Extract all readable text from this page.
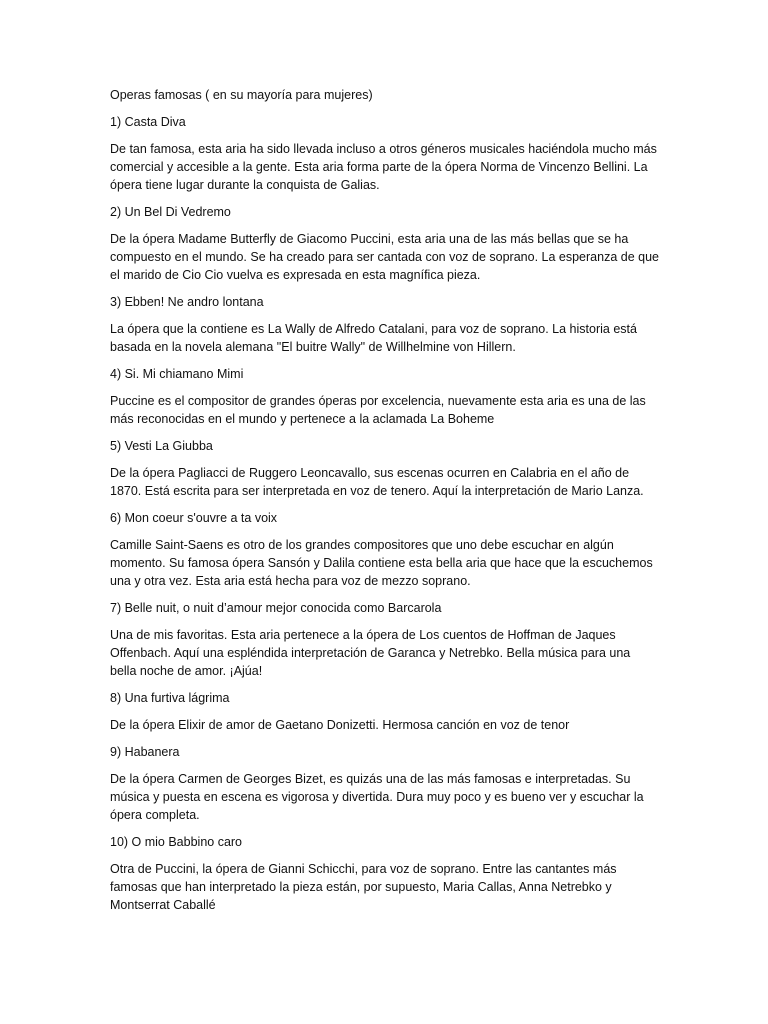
Operas famosas ( en su mayoría para mujeres)

1) Casta Diva

De tan famosa, esta aria ha sido llevada incluso a otros géneros musicales haciéndola mucho más comercial y accesible a la gente. Esta aria forma parte de la ópera Norma de Vincenzo Bellini. La ópera tiene lugar durante la conquista de Galias.

2) Un Bel Di Vedremo

De la ópera Madame Butterfly de Giacomo Puccini, esta aria una de las más bellas que se ha compuesto en el mundo. Se ha creado para ser cantada con voz de soprano. La esperanza de que el marido de Cio Cio vuelva es expresada en esta magnífica pieza.

3) Ebben! Ne andro lontana

La ópera que la contiene es La Wally de Alfredo Catalani, para voz de soprano. La historia está basada en la novela alemana "El buitre Wally" de Willhelmine von Hillern.

4) Si. Mi chiamano Mimi

Puccine es el compositor de grandes óperas por excelencia, nuevamente esta aria es una de las más reconocidas en el mundo y pertenece a la aclamada La Boheme

5) Vesti La Giubba

De la ópera Pagliacci de Ruggero Leoncavallo, sus escenas ocurren en Calabria en el año de 1870. Está escrita para ser interpretada en voz de tenero. Aquí la interpretación de Mario Lanza.

6) Mon coeur s'ouvre a ta voix

Camille Saint-Saens es otro de los grandes compositores que uno debe escuchar en algún momento. Su famosa ópera Sansón y Dalila contiene esta bella aria que hace que la escuchemos una y otra vez. Esta aria está hecha para voz de mezzo soprano.

7) Belle nuit, o nuit d’amour mejor conocida como Barcarola

Una de mis favoritas. Esta aria pertenece a la ópera de Los cuentos de Hoffman de Jaques Offenbach. Aquí una espléndida interpretación de Garanca y Netrebko. Bella música para una bella noche de amor. ¡Ajúa!

8) Una furtiva lágrima

De la ópera Elixir de amor de Gaetano Donizetti. Hermosa canción en voz de tenor

9) Habanera

De la ópera Carmen de Georges Bizet, es quizás una de las más famosas e interpretadas. Su música y puesta en escena es vigorosa y divertida. Dura muy poco y es bueno ver y escuchar la ópera completa.

10) O mio Babbino caro

Otra de Puccini, la ópera de Gianni Schicchi, para voz de soprano. Entre las cantantes más famosas que han interpretado la pieza están, por supuesto, Maria Callas, Anna Netrebko y Montserrat Caballé
